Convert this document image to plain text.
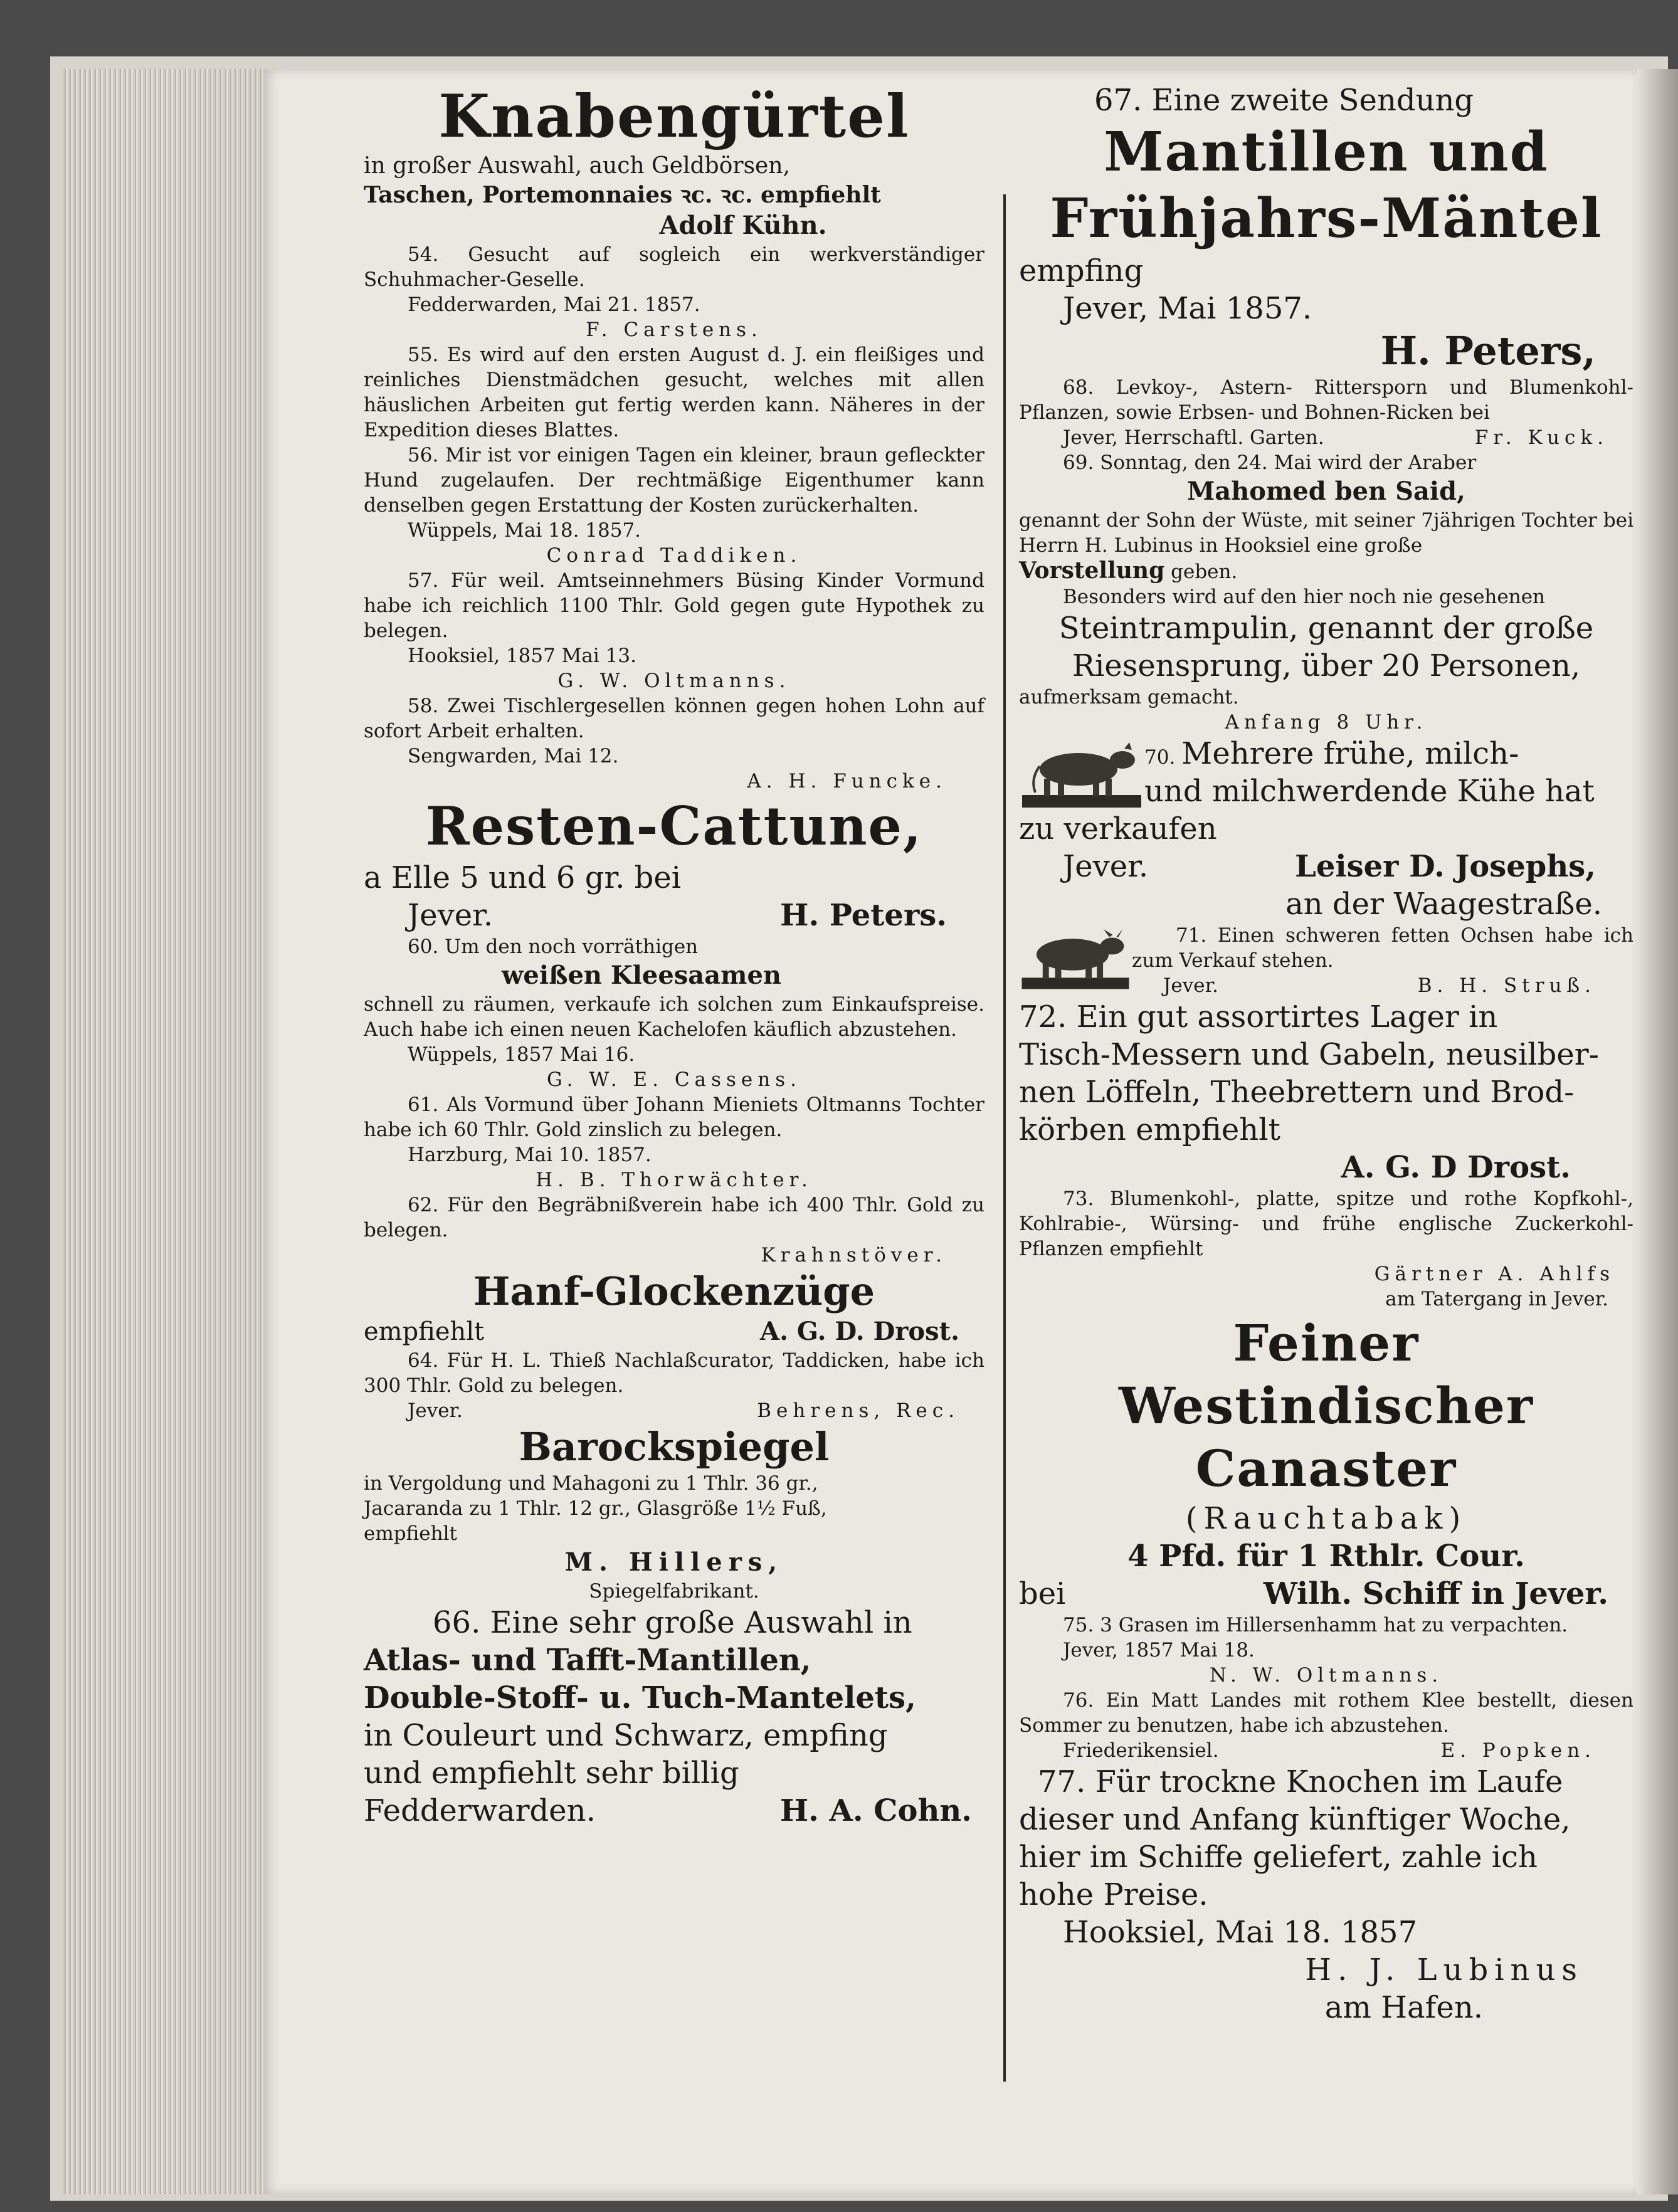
Knabengürtel

in großer Auswahl, auch Geldbörsen,

Taschen, Portemonnaies ꝛc. ꝛc. empfiehlt

Adolf Kühn.

54. Gesucht auf sogleich ein werkverständiger Schuhmacher-Geselle.

Fedderwarden, Mai 21. 1857.

F. Carstens.

55. Es wird auf den ersten August d. J. ein fleißiges und reinliches Dienstmädchen gesucht, welches mit allen häuslichen Arbeiten gut fertig werden kann. Näheres in der Expedition dieses Blattes.

56. Mir ist vor einigen Tagen ein kleiner, braun gefleckter Hund zugelaufen. Der rechtmäßige Eigenthumer kann denselben gegen Erstattung der Kosten zurückerhalten.

Wüppels, Mai 18. 1857.

Conrad Taddiken.

57. Für weil. Amtseinnehmers Büsing Kinder Vormund habe ich reichlich 1100 Thlr. Gold gegen gute Hypothek zu belegen.

Hooksiel, 1857 Mai 13.

G. W. Oltmanns.

58. Zwei Tischlergesellen können gegen hohen Lohn auf sofort Arbeit erhalten.

Sengwarden, Mai 12.

A. H. Funcke.

Resten-Cattune,

a Elle 5 und 6 gr. bei

Jever.	H. Peters.

60. Um den noch vorräthigen

weißen Kleesaamen

schnell zu räumen, verkaufe ich solchen zum Einkaufspreise. Auch habe ich einen neuen Kachelofen käuflich abzustehen.

Wüppels, 1857 Mai 16.

G. W. E. Cassens.

61. Als Vormund über Johann Mieniets Oltmanns Tochter habe ich 60 Thlr. Gold zinslich zu belegen.

Harzburg, Mai 10. 1857.

H. B. Thorwächter.

62. Für den Begräbnißverein habe ich 400 Thlr. Gold zu belegen.

Krahnstöver.

Hanf-Glockenzüge

empfiehlt	A. G. D. Drost.

64. Für H. L. Thieß Nachlaßcurator, Taddicken, habe ich 300 Thlr. Gold zu belegen.

Jever.	Behrens, Rec.

Barockspiegel

in Vergoldung und Mahagoni zu 1 Thlr. 36 gr.,

Jacaranda zu 1 Thlr. 12 gr., Glasgröße 1½ Fuß,

empfiehlt

M. Hillers,

Spiegelfabrikant.

66. Eine sehr große Auswahl in

Atlas- und Tafft-Mantillen,

Double-Stoff- u. Tuch-Mantelets,

in Couleurt und Schwarz, empfing

und empfiehlt sehr billig

Fedderwarden.	H. A. Cohn.

67. Eine zweite Sendung

Mantillen und

Frühjahrs-Mäntel

empfing

Jever, Mai 1857.

H. Peters,

68. Levkoy-, Astern- Rittersporn und Blumenkohl-Pflanzen, sowie Erbsen- und Bohnen-Ricken bei

Jever, Herrschaftl. Garten.	Fr. Kuck.

69. Sonntag, den 24. Mai wird der Araber

Mahomed ben Said,

genannt der Sohn der Wüste, mit seiner 7jährigen Tochter bei Herrn H. Lubinus in Hooksiel eine große

Vorstellung geben.

Besonders wird auf den hier noch nie gesehenen

Steintrampulin, genannt der große

Riesensprung, über 20 Personen,

aufmerksam gemacht.

Anfang 8 Uhr.

70. Mehrere frühe, milch-

und milchwerdende Kühe hat

zu verkaufen

Jever.	Leiser D. Josephs,

an der Waagestraße.

71. Einen schweren fetten Ochsen habe ich zum Verkauf stehen.

Jever.	B. H. Struß.

72. Ein gut assortirtes Lager in

Tisch-Messern und Gabeln, neusilber-

nen Löffeln, Theebrettern und Brod-

körben empfiehlt

A. G. D Drost.

73. Blumenkohl-, platte, spitze und rothe Kopfkohl-, Kohlrabie-, Würsing- und frühe englische Zuckerkohl-Pflanzen empfiehlt

Gärtner A. Ahlfs

am Tatergang in Jever.

Feiner Westindischer

Canaster

(Rauchtabak)

4 Pfd. für 1 Rthlr. Cour.

bei	Wilh. Schiff in Jever.

75. 3 Grasen im Hillersenhamm hat zu verpachten.

Jever, 1857 Mai 18.

N. W. Oltmanns.

76. Ein Matt Landes mit rothem Klee bestellt, diesen Sommer zu benutzen, habe ich abzustehen.

Friederikensiel.	E. Popken.

77. Für trockne Knochen im Laufe

dieser und Anfang künftiger Woche,

hier im Schiffe geliefert, zahle ich

hohe Preise.

Hooksiel, Mai 18. 1857

H. J. Lubinus

am Hafen.
